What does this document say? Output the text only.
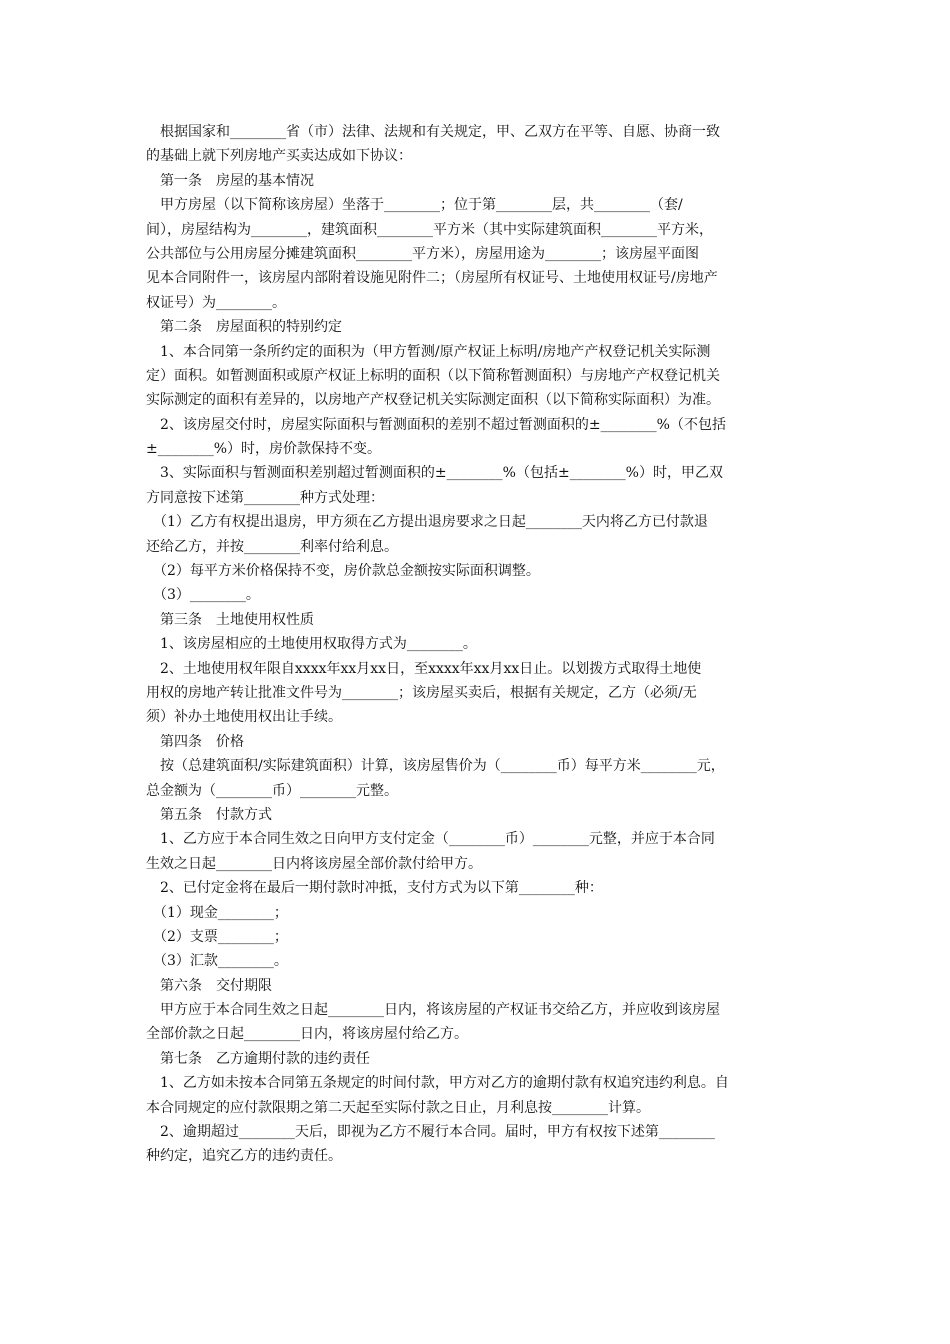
　根据国家和________省（市）法律、法规和有关规定，甲、乙双方在平等、自愿、协商一致
的基础上就下列房地产买卖达成如下协议：
　第一条　房屋的基本情况
　甲方房屋（以下简称该房屋）坐落于________；位于第________层，共________（套/
间），房屋结构为________，建筑面积________平方米（其中实际建筑面积________平方米，
公共部位与公用房屋分摊建筑面积________平方米），房屋用途为________；该房屋平面图
见本合同附件一，该房屋内部附着设施见附件二；（房屋所有权证号、土地使用权证号/房地产
权证号）为________。
　第二条　房屋面积的特别约定
　1、本合同第一条所约定的面积为（甲方暂测/原产权证上标明/房地产产权登记机关实际测
定）面积。如暂测面积或原产权证上标明的面积（以下简称暂测面积）与房地产产权登记机关
实际测定的面积有差异的，以房地产产权登记机关实际测定面积（以下简称实际面积）为准。
　2、该房屋交付时，房屋实际面积与暂测面积的差别不超过暂测面积的±________%（不包括
±________%）时，房价款保持不变。
　3、实际面积与暂测面积差别超过暂测面积的±________%（包括±________%）时，甲乙双
方同意按下述第________种方式处理：
　（1）乙方有权提出退房，甲方须在乙方提出退房要求之日起________天内将乙方已付款退
还给乙方，并按________利率付给利息。
　（2）每平方米价格保持不变，房价款总金额按实际面积调整。
　（3）________。
　第三条　土地使用权性质
　1、该房屋相应的土地使用权取得方式为________。
　2、土地使用权年限自xxxx年xx月xx日，至xxxx年xx月xx日止。以划拨方式取得土地使
用权的房地产转让批准文件号为________；该房屋买卖后，根据有关规定，乙方（必须/无
须）补办土地使用权出让手续。
　第四条　价格
　按（总建筑面积/实际建筑面积）计算，该房屋售价为（________币）每平方米________元，
总金额为（________币）________元整。
　第五条　付款方式
　1、乙方应于本合同生效之日向甲方支付定金（________币）________元整，并应于本合同
生效之日起________日内将该房屋全部价款付给甲方。
　2、已付定金将在最后一期付款时冲抵，支付方式为以下第________种：
　（1）现金________；
　（2）支票________；
　（3）汇款________。
　第六条　交付期限
　甲方应于本合同生效之日起________日内，将该房屋的产权证书交给乙方，并应收到该房屋
全部价款之日起________日内，将该房屋付给乙方。
　第七条　乙方逾期付款的违约责任
　1、乙方如未按本合同第五条规定的时间付款，甲方对乙方的逾期付款有权追究违约利息。自
本合同规定的应付款限期之第二天起至实际付款之日止，月利息按________计算。
　2、逾期超过________天后，即视为乙方不履行本合同。届时，甲方有权按下述第________
种约定，追究乙方的违约责任。
